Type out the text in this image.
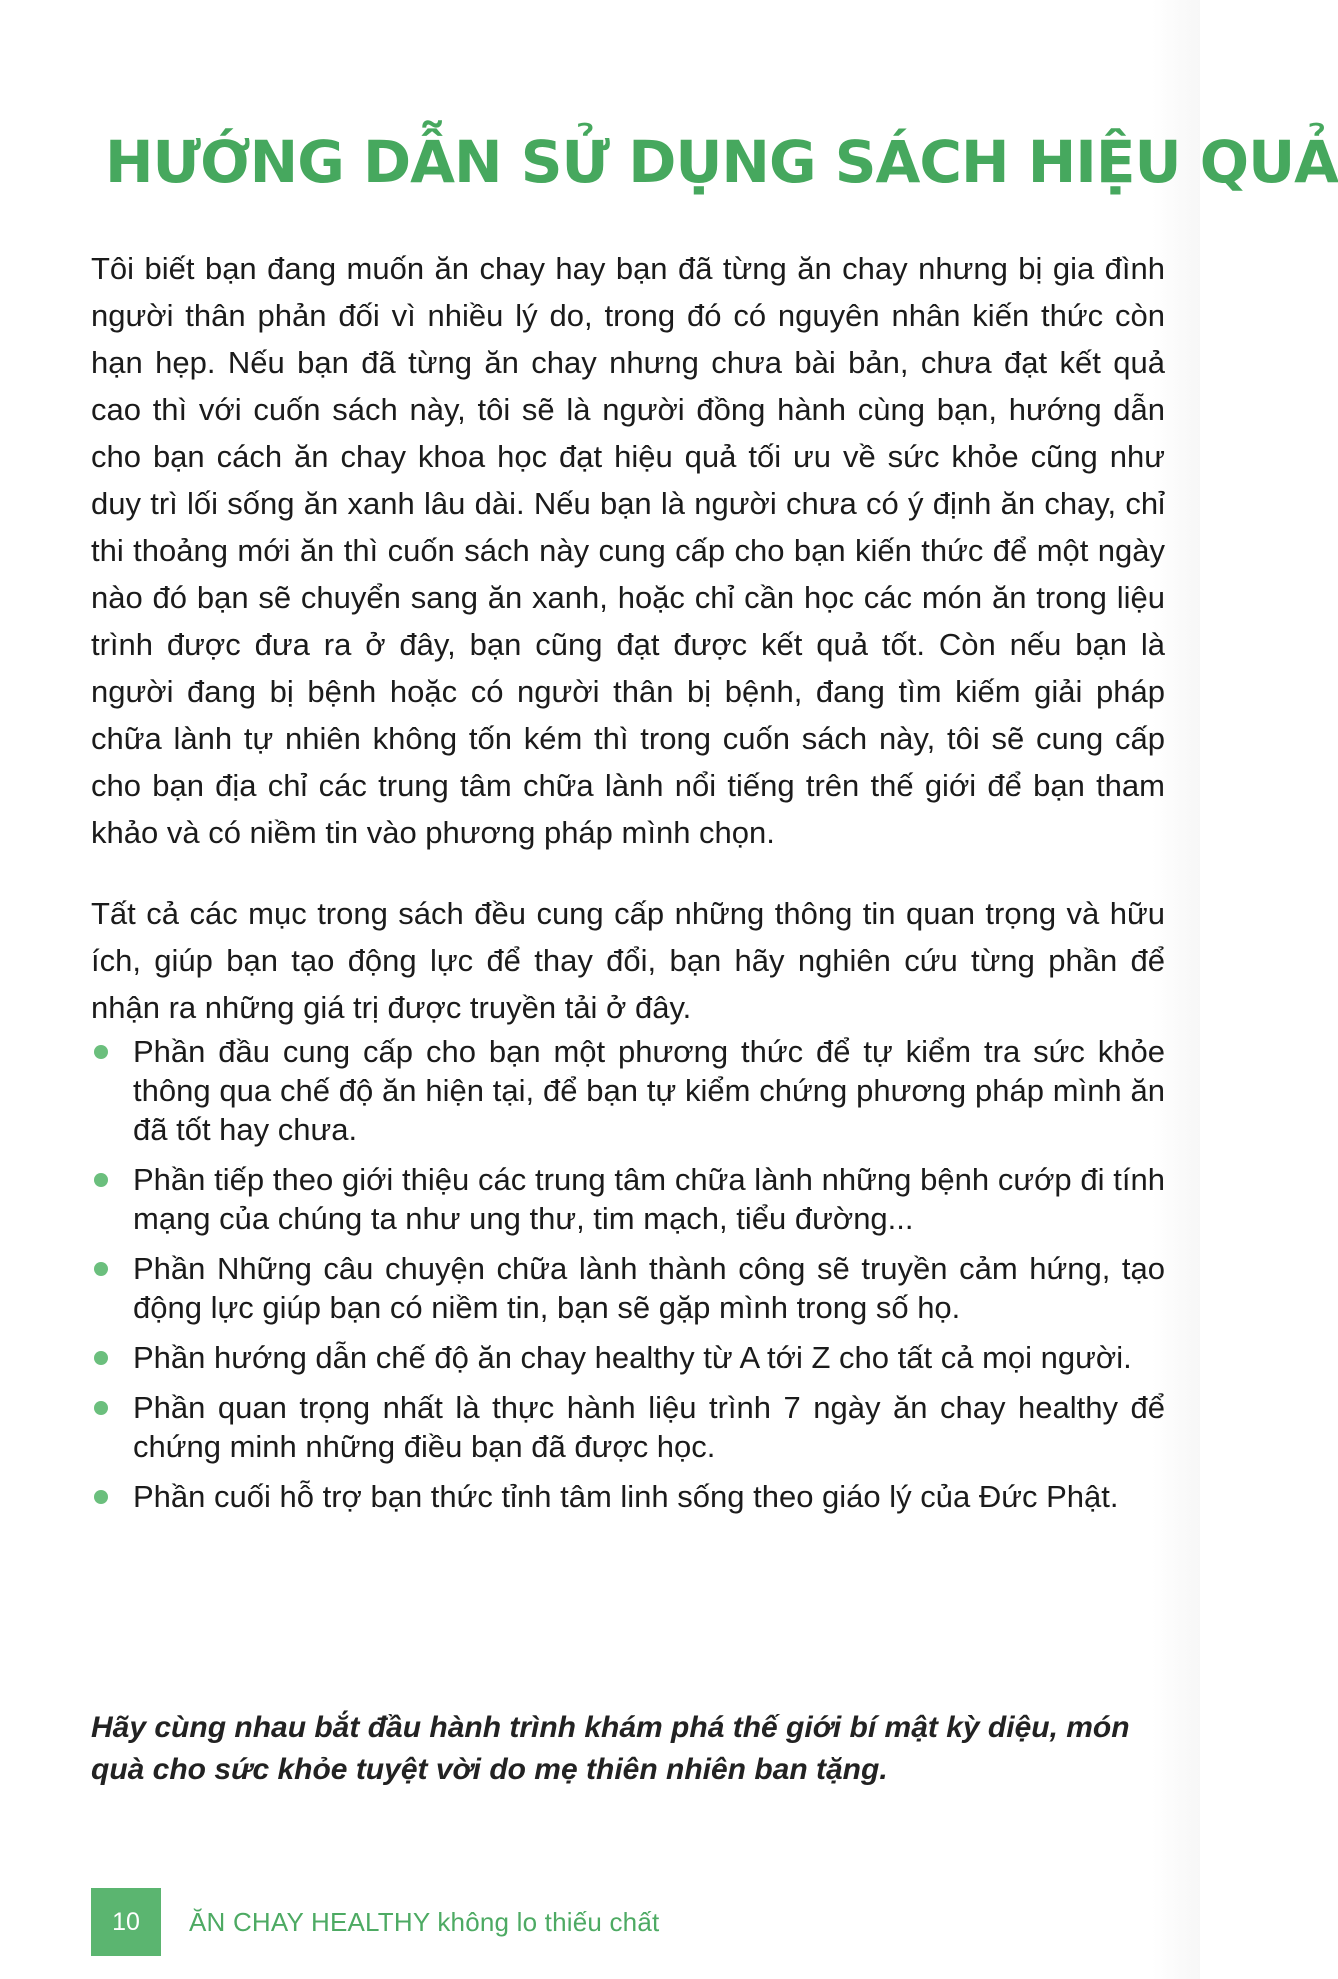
HƯỚNG DẪN SỬ DỤNG SÁCH HIỆU QUẢ

Tôi biết bạn đang muốn ăn chay hay bạn đã từng ăn chay nhưng bị gia đình người thân phản đối vì nhiều lý do, trong đó có nguyên nhân kiến thức còn hạn hẹp. Nếu bạn đã từng ăn chay nhưng chưa bài bản, chưa đạt kết quả cao thì với cuốn sách này, tôi sẽ là người đồng hành cùng bạn, hướng dẫn cho bạn cách ăn chay khoa học đạt hiệu quả tối ưu về sức khỏe cũng như duy trì lối sống ăn xanh lâu dài. Nếu bạn là người chưa có ý định ăn chay, chỉ thi thoảng mới ăn thì cuốn sách này cung cấp cho bạn kiến thức để một ngày nào đó bạn sẽ chuyển sang ăn xanh, hoặc chỉ cần học các món ăn trong liệu trình được đưa ra ở đây, bạn cũng đạt được kết quả tốt. Còn nếu bạn là người đang bị bệnh hoặc có người thân bị bệnh, đang tìm kiếm giải pháp chữa lành tự nhiên không tốn kém thì trong cuốn sách này, tôi sẽ cung cấp cho bạn địa chỉ các trung tâm chữa lành nổi tiếng trên thế giới để bạn tham khảo và có niềm tin vào phương pháp mình chọn.

Tất cả các mục trong sách đều cung cấp những thông tin quan trọng và hữu ích, giúp bạn tạo động lực để thay đổi, bạn hãy nghiên cứu từng phần để nhận ra những giá trị được truyền tải ở đây.

Phần đầu cung cấp cho bạn một phương thức để tự kiểm tra sức khỏe thông qua chế độ ăn hiện tại, để bạn tự kiểm chứng phương pháp mình ăn đã tốt hay chưa.
Phần tiếp theo giới thiệu các trung tâm chữa lành những bệnh cướp đi tính mạng của chúng ta như ung thư, tim mạch, tiểu đường...
Phần Những câu chuyện chữa lành thành công sẽ truyền cảm hứng, tạo động lực giúp bạn có niềm tin, bạn sẽ gặp mình trong số họ.
Phần hướng dẫn chế độ ăn chay healthy từ A tới Z cho tất cả mọi người.
Phần quan trọng nhất là thực hành liệu trình 7 ngày ăn chay healthy để chứng minh những điều bạn đã được học.
Phần cuối hỗ trợ bạn thức tỉnh tâm linh sống theo giáo lý của Đức Phật.

Hãy cùng nhau bắt đầu hành trình khám phá thế giới bí mật kỳ diệu, món quà cho sức khỏe tuyệt vời do mẹ thiên nhiên ban tặng.

10	ĂN CHAY HEALTHY không lo thiếu chất
